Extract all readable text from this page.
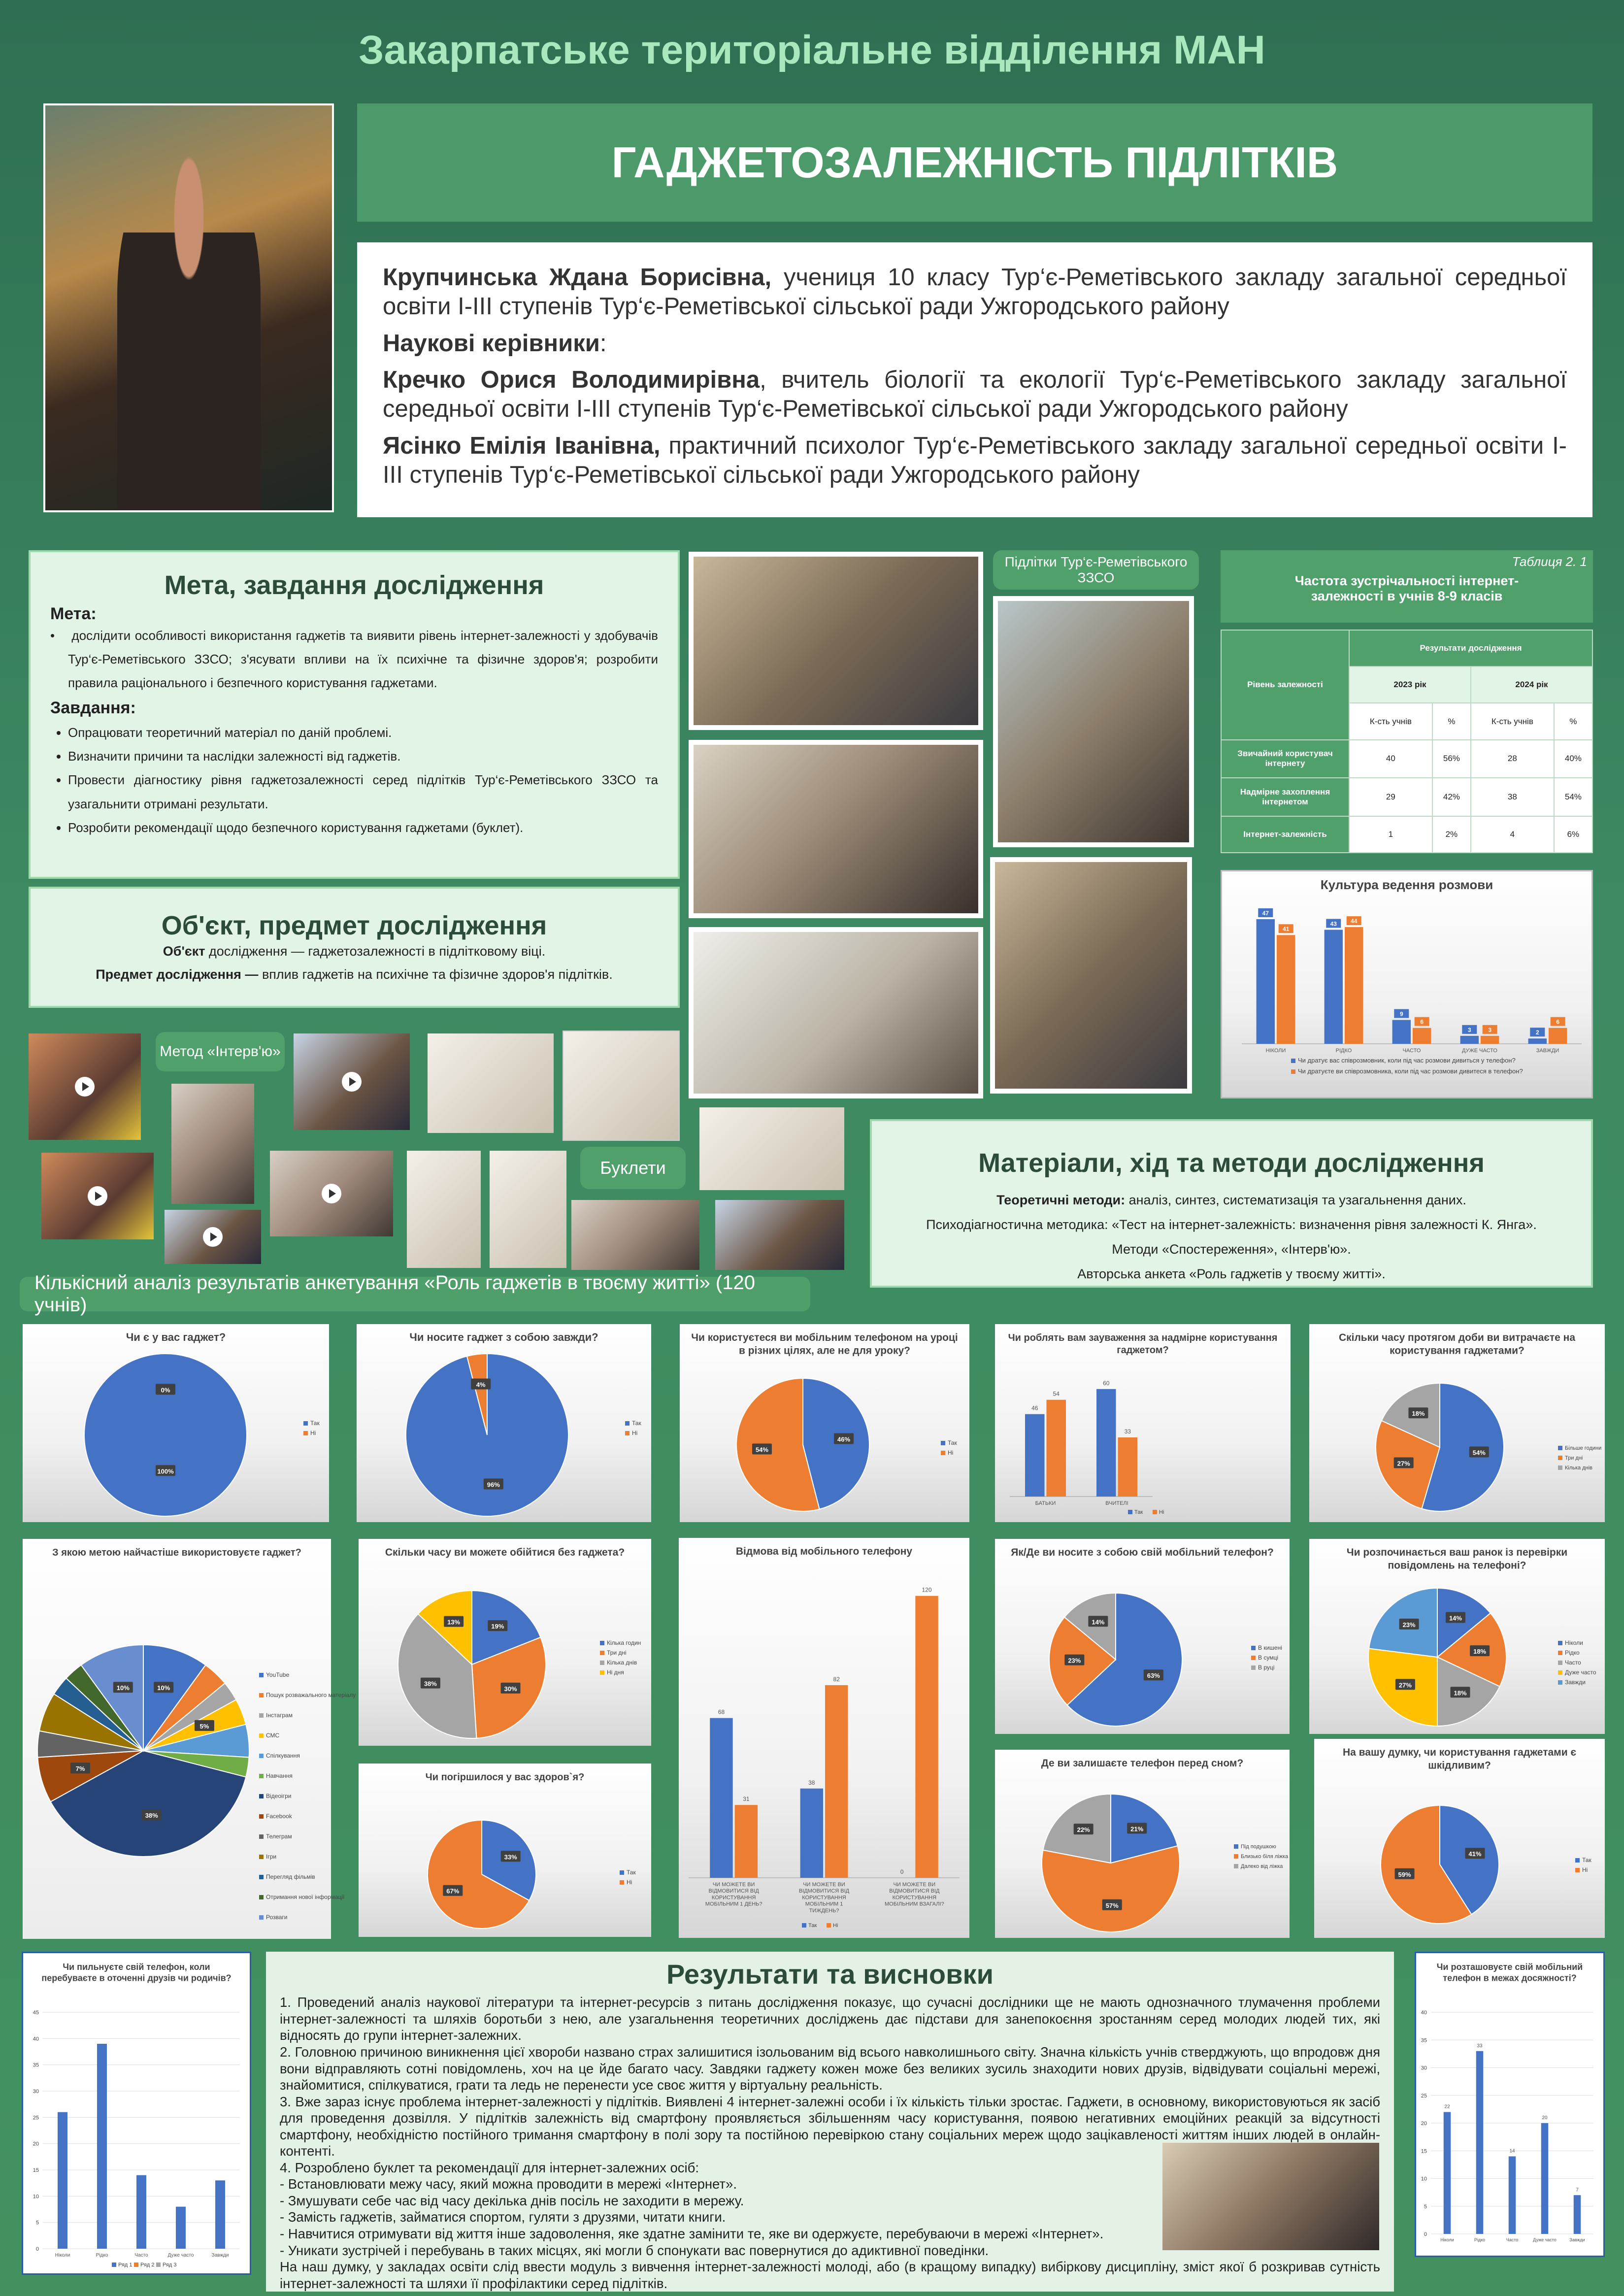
Закарпатське територіальне відділення МАН
ГАДЖЕТОЗАЛЕЖНІСТЬ ПІДЛІТКІВ

Крупчинська Ждана Борисівна, учениця 10 класу Тур‘є-Реметівського закладу загальної середньої освіти І-ІІІ ступенів Тур‘є-Реметівської сільської ради Ужгородського району

Наукові керівники:

Кречко Орися Володимирівна, вчитель біології та екології Тур‘є-Реметівського закладу загальної середньої освіти І-ІІІ ступенів Тур‘є-Реметівської сільської ради Ужгородського району

Ясінко Емілія Іванівна, практичний психолог Тур‘є-Реметівського закладу загальної середньої освіти І-ІІІ ступенів Тур‘є-Реметівської сільської ради Ужгородського району

Мета, завдання дослідження
Мета:
•    дослідити особливості використання гаджетів та виявити рівень інтернет-залежності у здобувачів Тур‘є-Реметівського ЗЗСО; з'ясувати впливи на їх психічне та фізичне здоров'я; розробити правила раціонального і безпечного користування гаджетами.
Завдання:
• Опрацювати теоретичний матеріал по даній проблемі.
• Визначити причини та наслідки залежності від гаджетів.
• Провести діагностику рівня гаджетозалежності серед підлітків Тур‘є-Реметівського ЗЗСО та узагальнити отримані результати.
• Розробити рекомендації щодо безпечного користування гаджетами (буклет).
Об'єкт, предмет дослідження
Об'єкт дослідження — гаджетозалежності в підлітковому віці.
Предмет дослідження — вплив гаджетів на психічне та фізичне здоров'я підлітків.
Підлітки Тур‘є-Реметівського ЗЗСО
Таблиця 2. 1
Частота зустрічальності інтернет-залежності в учнів 8-9 класів
Рівень залежності	Результати дослідження			
	2023 рік		2024 рік	
	К-сть учнів	%	К-сть учнів	%
Звичайний користувач інтернету	40	56%	28	40%
Надмірне захоплення інтернетом	29	42%	38	54%
Інтернет-залежність	1	2%	4	6%
Культура ведення розмови
47
41
НІКОЛИ
43 44
РІДКО
9
6
ЧАСТО
3	3
ДУЖЕ ЧАСТО
2
6
ЗАВЖДИ
Чи дратує вас співрозмовник, коли під час розмови дивиться у телефон?
Чи дратуєте ви співрозмовника, коли під час розмови дивитеся в телефон?
Метод «Інтерв'ю»
Буклети	Матеріали, хід та методи дослідження
Теоретичні методи: аналіз, синтез, систематизація та узагальнення даних.
Психодіагностична методика: «Тест на інтернет-залежність: визначення рівня залежності К. Янга».
Методи «Спостереження», «Інтерв'ю».
Авторська анкета «Роль гаджетів у твоєму житті».
Кількісний аналіз результатів анкетування «Роль гаджетів в твоєму житті» (120 учнів)
Чи є у вас гаджет?
100%
0%
Так
Ні
Чи носите гаджет з собою завжди?
96%
4%
Так
Ні
Чи користуєтеся ви мобільним телефоном на уроці
в різних цілях, але не для уроку?
46%
54%
Так
Ні
Чи роблять вам зауваження за надмірне користування
гаджетом?
46
54
БАТЬКИ
60
33
ВЧИТЕЛІ
Так	Ні
Скільки часу протягом доби ви витрачаєте на
користування гаджетами?
54%
27%
18%
Більше години
Три дні
Кілька днів
З якою метою найчастіше використовуєте гаджет?
10%
5%
38%
7%
10%
YouTube
Пошук розважального матеріалу
Інстаграм
СМС
Спілкування
Навчання
Відеоігри
Facebook
Телеграм
Ігри
Перегляд фільмів
Отримання нової інформації
Розваги
Скільки часу ви можете обійтися без гаджета?
19%
30%
38%
13%
Кілька годин
Три дні
Кілька днів
Ні дня
Чи погіршилося у вас здоров`я?
33%
67%
Так
Ні
Відмова від мобільного телефону
68
31
ЧИ МОЖЕТЕ ВИ
ВІДМОВИТИСЯ ВІД
КОРИСТУВАННЯ
МОБІЛЬНИМ 1 ДЕНЬ?
38
82
ЧИ МОЖЕТЕ ВИ
ВІДМОВИТИСЯ ВІД
КОРИСТУВАННЯ
МОБІЛЬНИМ 1
ТИЖДЕНЬ?
0
120
ЧИ МОЖЕТЕ ВИ
ВІДМОВИТИСЯ ВІД
КОРИСТУВАННЯ
МОБІЛЬНИМ ВЗАГАЛІ?
Так	Ні
Як/Де ви носите з собою свій мобільний телефон?
63%
23%
14%
В кишені
В сумці
В руці
Де ви залишаєте телефон перед сном?
21%
57%
22%
Під подушкою
Близько біля ліжка
Далеко від ліжка
Чи розпочинається ваш ранок із перевірки
повідомлень на телефоні?
14%
18%
18%
27%
23%
Ніколи
Рідко
Часто
Дуже часто
Завжди
На вашу думку, чи користування гаджетами є
шкідливим?
41%
59%
Так
Ні
Чи пильнуєте свій телефон, коли
перебуваєте в оточенні друзів чи родичів?
0
5
10
15
20
25
30
35
40
45
Ніколи	Рідко	Часто	Дуже часто	Завжди
Ряд 1 Ряд 2 Ряд 3
Чи розташовуєте свій мобільний
телефон в межах досяжності?
0
5
10
15
20
25
30
35
40
22
Ніколи
33
Рідко
14
Часто
20
Дуже часто
7
Завжди
Результати та висновки

1. Проведений аналіз наукової літератури та інтернет-ресурсів з питань дослідження показує, що сучасні дослідники ще не мають однозначного тлумачення проблеми інтернет-залежності та шляхів боротьби з нею, але узагальнення теоретичних досліджень дає підстави для занепокоєння зростанням серед молодих людей тих, які відносять до групи інтернет-залежних.

2. Головною причиною виникнення цієї хвороби названо страх залишитися ізольованим від всього навколишнього світу. Значна кількість учнів стверджують, що впродовж дня вони відправляють сотні повідомлень, хоч на це йде багато часу. Завдяки гаджету кожен може без великих зусиль знаходити нових друзів, відвідувати соціальні мережі, знайомитися, спілкуватися, грати та ледь не перенести усе своє життя у віртуальну реальність.

3. Вже зараз існує проблема інтернет-залежності у підлітків. Виявлені 4 інтернет-залежні особи і їх кількість тільки зростає. Гаджети, в основному, використовуються як засіб для проведення дозвілля. У підлітків залежність від смартфону проявляється збільшенням часу користування, появою негативних емоційних реакцій за відсутності смартфону, необхідністю постійного тримання смартфону в полі зору та постійною перевіркою стану соціальних мереж щодо зацікавленості життям інших людей в онлайн-контенті.

4. Розроблено буклет та рекомендації для інтернет-залежних осіб:

- Встановлювати межу часу, який можна проводити в мережі «Інтернет».

- Змушувати себе час від часу декілька днів посіль не заходити в мережу.

- Замість гаджетів, займатися спортом, гуляти з друзями, читати книги.

- Навчитися отримувати від життя інше задоволення, яке здатне замінити те, яке ви одержуєте, перебуваючи в мережі «Інтернет».

- Уникати зустрічей і перебувань в таких місцях, які могли б спонукати вас повернутися до адиктивної поведінки.

На наш думку, у закладах освіти слід ввести модуль з вивчення інтернет-залежності молоді, або (в кращому випадку) вибіркову дисципліну, зміст якої б розкривав сутність інтернет-залежності та шляхи її профілактики серед підлітків.
